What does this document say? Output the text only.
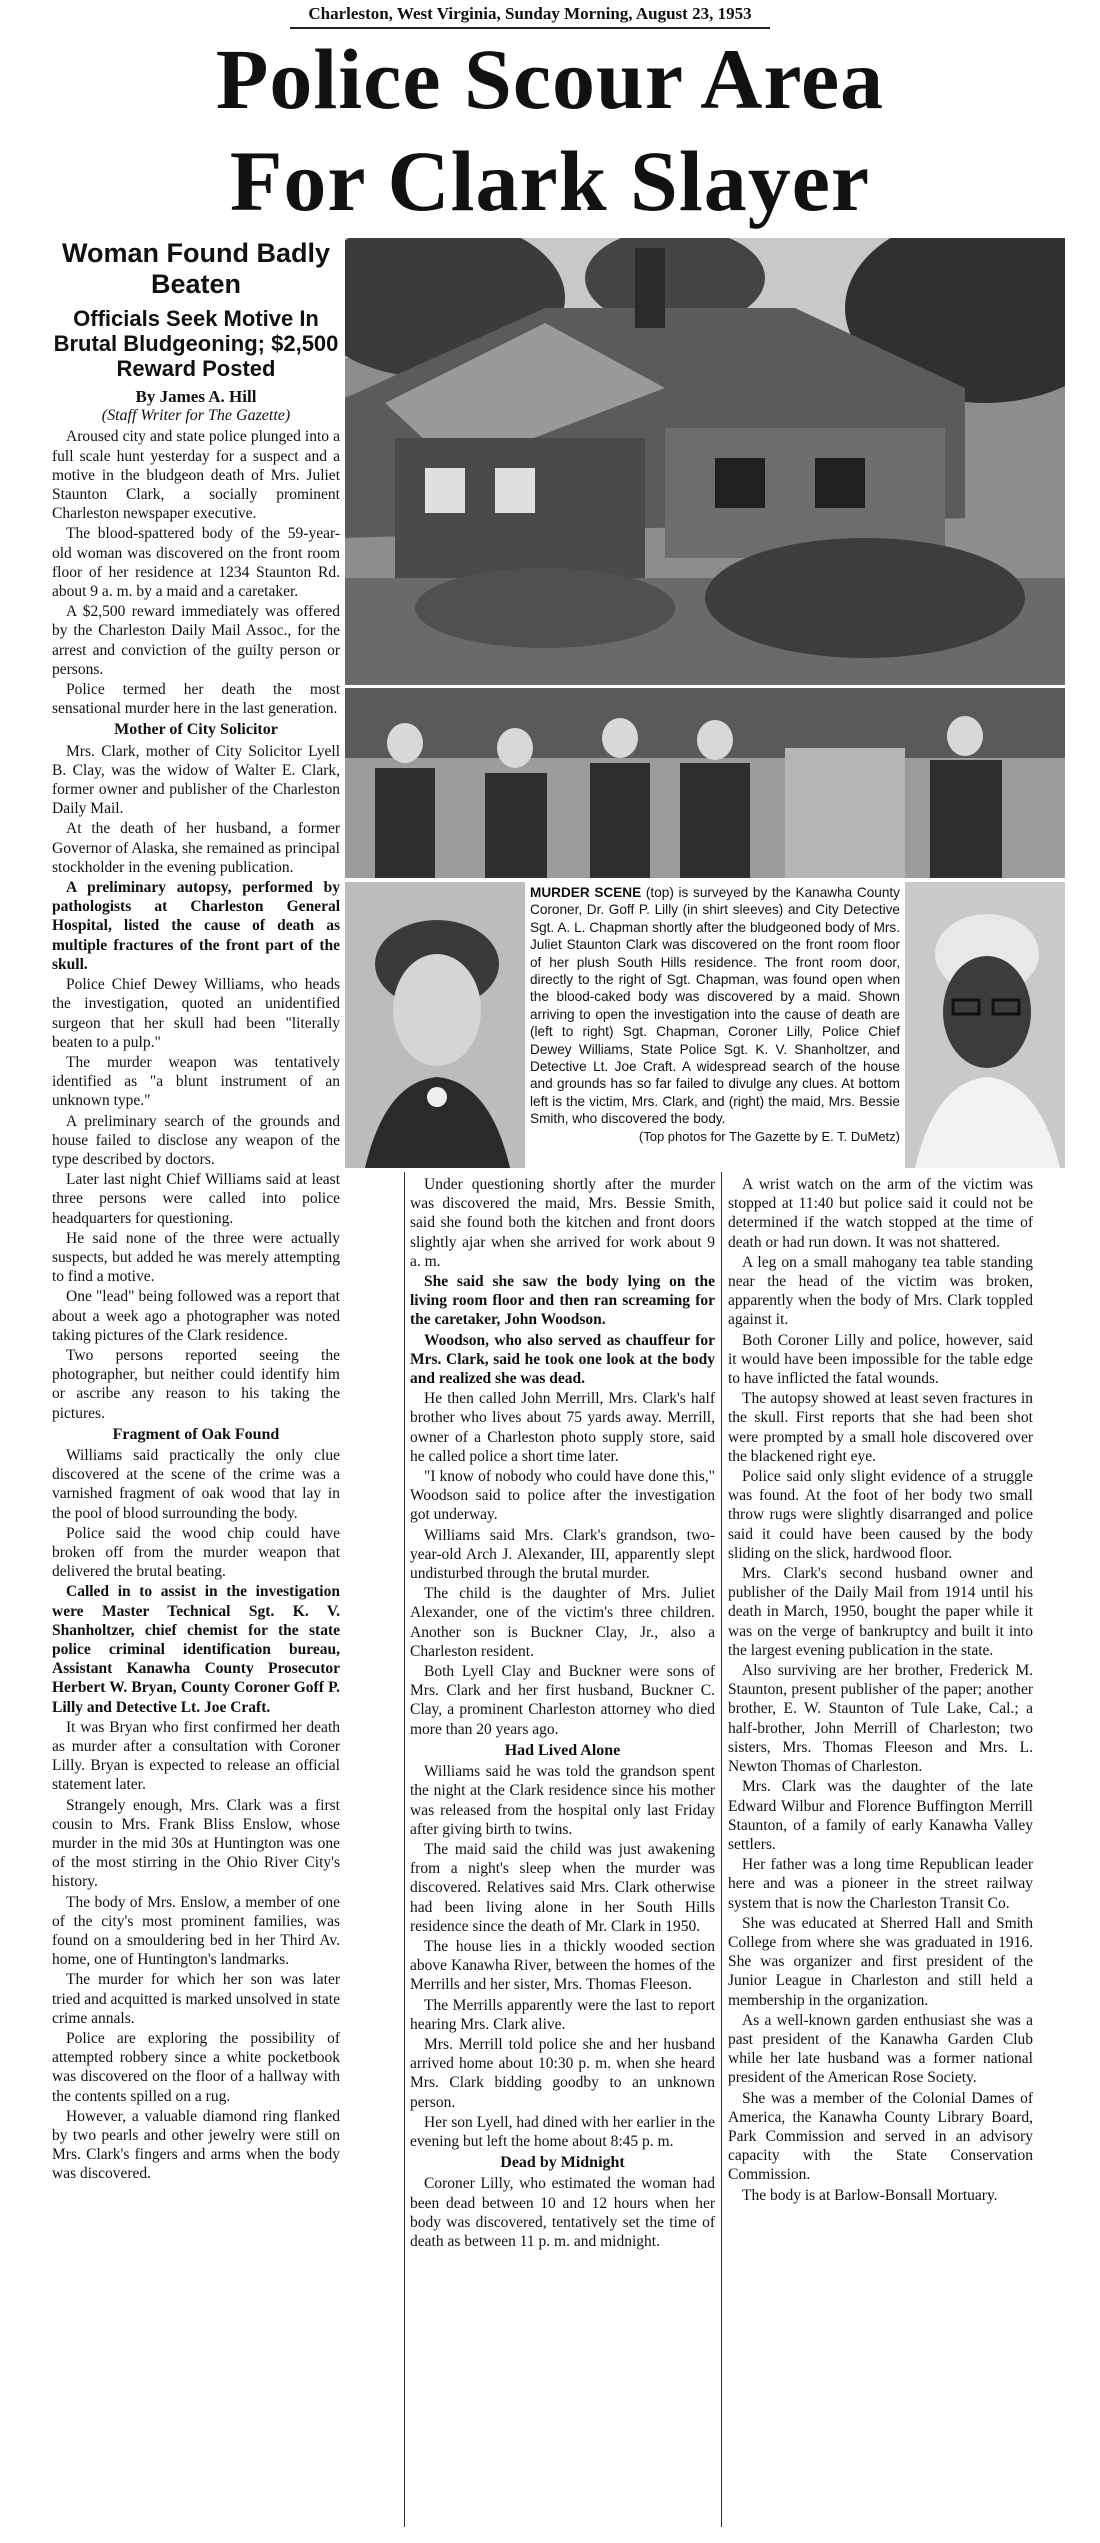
Charleston, West Virginia, Sunday Morning, August 23, 1953
Police Scour Area
For Clark Slayer
Woman Found Badly Beaten
Officials Seek Motive In Brutal Bludgeoning; $2,500 Reward Posted
By James A. Hill
(Staff Writer for The Gazette)

Aroused city and state police plunged into a full scale hunt yesterday for a suspect and a motive in the bludgeon death of Mrs. Juliet Staunton Clark, a socially prominent Charleston newspaper executive.

The blood-spattered body of the 59-year-old woman was discovered on the front room floor of her residence at 1234 Staunton Rd. about 9 a. m. by a maid and a caretaker.

A $2,500 reward immediately was offered by the Charleston Daily Mail Assoc., for the arrest and conviction of the guilty person or persons.

Police termed her death the most sensational murder here in the last generation.

Mother of City Solicitor

Mrs. Clark, mother of City Solicitor Lyell B. Clay, was the widow of Walter E. Clark, former owner and publisher of the Charleston Daily Mail.

At the death of her husband, a former Governor of Alaska, she remained as principal stockholder in the evening publication.

A preliminary autopsy, performed by pathologists at Charleston General Hospital, listed the cause of death as multiple fractures of the front part of the skull.

Police Chief Dewey Williams, who heads the investigation, quoted an unidentified surgeon that her skull had been "literally beaten to a pulp."

The murder weapon was tentatively identified as "a blunt instrument of an unknown type."

A preliminary search of the grounds and house failed to disclose any weapon of the type described by doctors.

Later last night Chief Williams said at least three persons were called into police headquarters for questioning.

He said none of the three were actually suspects, but added he was merely attempting to find a motive.

One "lead" being followed was a report that about a week ago a photographer was noted taking pictures of the Clark residence.

Two persons reported seeing the photographer, but neither could identify him or ascribe any reason to his taking the pictures.

Fragment of Oak Found

Williams said practically the only clue discovered at the scene of the crime was a varnished fragment of oak wood that lay in the pool of blood surrounding the body.

Police said the wood chip could have broken off from the murder weapon that delivered the brutal beating.

Called in to assist in the investigation were Master Technical Sgt. K. V. Shanholtzer, chief chemist for the state police criminal identification bureau, Assistant Kanawha County Prosecutor Herbert W. Bryan, County Coroner Goff P. Lilly and Detective Lt. Joe Craft.

It was Bryan who first confirmed her death as murder after a consultation with Coroner Lilly. Bryan is expected to release an official statement later.

Strangely enough, Mrs. Clark was a first cousin to Mrs. Frank Bliss Enslow, whose murder in the mid 30s at Huntington was one of the most stirring in the Ohio River City's history.

The body of Mrs. Enslow, a member of one of the city's most prominent families, was found on a smouldering bed in her Third Av. home, one of Huntington's landmarks.

The murder for which her son was later tried and acquitted is marked unsolved in state crime annals.

Police are exploring the possibility of attempted robbery since a white pocketbook was discovered on the floor of a hallway with the contents spilled on a rug.

However, a valuable diamond ring flanked by two pearls and other jewelry were still on Mrs. Clark's fingers and arms when the body was discovered.

MURDER SCENE (top) is surveyed by the Kanawha County Coroner, Dr. Goff P. Lilly (in shirt sleeves) and City Detective Sgt. A. L. Chapman shortly after the bludgeoned body of Mrs. Juliet Staunton Clark was discovered on the front room floor of her plush South Hills residence. The front room door, directly to the right of Sgt. Chapman, was found open when the blood-caked body was discovered by a maid. Shown arriving to open the investigation into the cause of death are (left to right) Sgt. Chapman, Coroner Lilly, Police Chief Dewey Williams, State Police Sgt. K. V. Shanholtzer, and Detective Lt. Joe Craft. A widespread search of the house and grounds has so far failed to divulge any clues. At bottom left is the victim, Mrs. Clark, and (right) the maid, Mrs. Bessie Smith, who discovered the body.
(Top photos for The Gazette by E. T. DuMetz)

Under questioning shortly after the murder was discovered the maid, Mrs. Bessie Smith, said she found both the kitchen and front doors slightly ajar when she arrived for work about 9 a. m.

She said she saw the body lying on the living room floor and then ran screaming for the caretaker, John Woodson.

Woodson, who also served as chauffeur for Mrs. Clark, said he took one look at the body and realized she was dead.

He then called John Merrill, Mrs. Clark's half brother who lives about 75 yards away. Merrill, owner of a Charleston photo supply store, said he called police a short time later.

"I know of nobody who could have done this," Woodson said to police after the investigation got underway.

Williams said Mrs. Clark's grandson, two-year-old Arch J. Alexander, III, apparently slept undisturbed through the brutal murder.

The child is the daughter of Mrs. Juliet Alexander, one of the victim's three children. Another son is Buckner Clay, Jr., also a Charleston resident.

Both Lyell Clay and Buckner were sons of Mrs. Clark and her first husband, Buckner C. Clay, a prominent Charleston attorney who died more than 20 years ago.

Had Lived Alone

Williams said he was told the grandson spent the night at the Clark residence since his mother was released from the hospital only last Friday after giving birth to twins.

The maid said the child was just awakening from a night's sleep when the murder was discovered. Relatives said Mrs. Clark otherwise had been living alone in her South Hills residence since the death of Mr. Clark in 1950.

The house lies in a thickly wooded section above Kanawha River, between the homes of the Merrills and her sister, Mrs. Thomas Fleeson.

The Merrills apparently were the last to report hearing Mrs. Clark alive.

Mrs. Merrill told police she and her husband arrived home about 10:30 p. m. when she heard Mrs. Clark bidding goodby to an unknown person.

Her son Lyell, had dined with her earlier in the evening but left the home about 8:45 p. m.

Dead by Midnight

Coroner Lilly, who estimated the woman had been dead between 10 and 12 hours when her body was discovered, tentatively set the time of death as between 11 p. m. and midnight.

A wrist watch on the arm of the victim was stopped at 11:40 but police said it could not be determined if the watch stopped at the time of death or had run down. It was not shattered.

A leg on a small mahogany tea table standing near the head of the victim was broken, apparently when the body of Mrs. Clark toppled against it.

Both Coroner Lilly and police, however, said it would have been impossible for the table edge to have inflicted the fatal wounds.

The autopsy showed at least seven fractures in the skull. First reports that she had been shot were prompted by a small hole discovered over the blackened right eye.

Police said only slight evidence of a struggle was found. At the foot of her body two small throw rugs were slightly disarranged and police said it could have been caused by the body sliding on the slick, hardwood floor.

Mrs. Clark's second husband owner and publisher of the Daily Mail from 1914 until his death in March, 1950, bought the paper while it was on the verge of bankruptcy and built it into the largest evening publication in the state.

Also surviving are her brother, Frederick M. Staunton, present publisher of the paper; another brother, E. W. Staunton of Tule Lake, Cal.; a half-brother, John Merrill of Charleston; two sisters, Mrs. Thomas Fleeson and Mrs. L. Newton Thomas of Charleston.

Mrs. Clark was the daughter of the late Edward Wilbur and Florence Buffington Merrill Staunton, of a family of early Kanawha Valley settlers.

Her father was a long time Republican leader here and was a pioneer in the street railway system that is now the Charleston Transit Co.

She was educated at Sherred Hall and Smith College from where she was graduated in 1916. She was organizer and first president of the Junior League in Charleston and still held a membership in the organization.

As a well-known garden enthusiast she was a past president of the Kanawha Garden Club while her late husband was a former national president of the American Rose Society.

She was a member of the Colonial Dames of America, the Kanawha County Library Board, Park Commission and served in an advisory capacity with the State Conservation Commission.

The body is at Barlow-Bonsall Mortuary.
